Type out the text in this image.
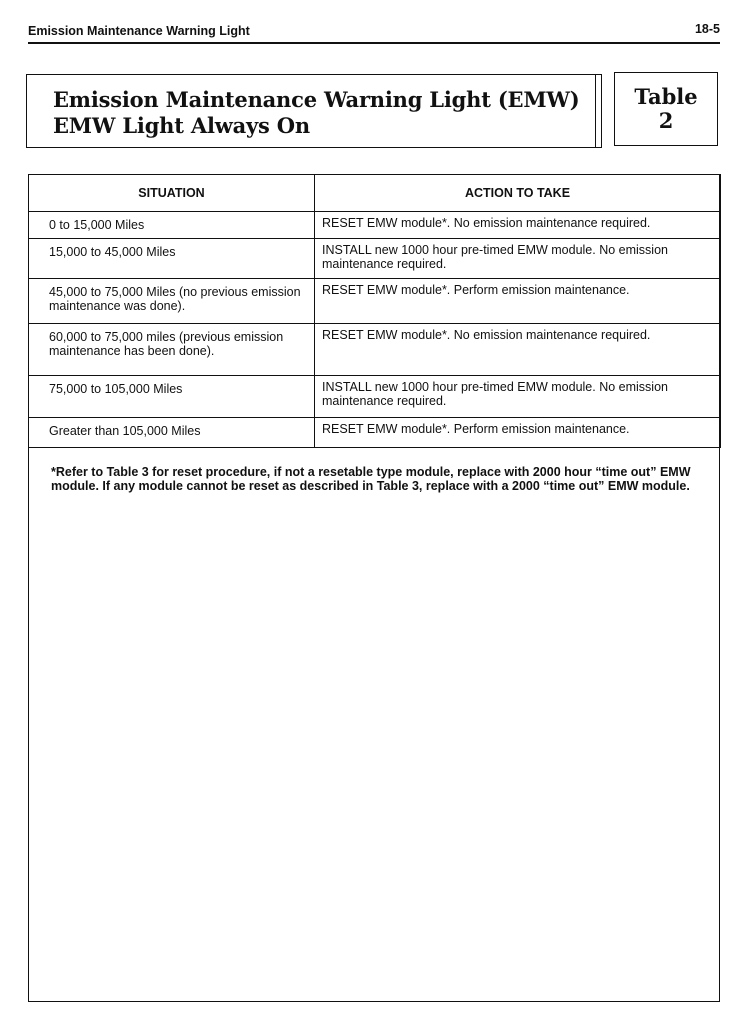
Emission Maintenance Warning Light	18-5
Emission Maintenance Warning Light (EMW)
EMW Light Always On
Table
2
SITUATION	ACTION TO TAKE
0 to 15,000 Miles	RESET EMW module*. No emission maintenance required.
15,000 to 45,000 Miles	INSTALL new 1000 hour pre-timed EMW module. No emission maintenance required.
45,000 to 75,000 Miles (no previous emission maintenance was done).	RESET EMW module*. Perform emission maintenance.
60,000 to 75,000 miles (previous emission maintenance has been done).	RESET EMW module*. No emission maintenance required.
75,000 to 105,000 Miles	INSTALL new 1000 hour pre-timed EMW module. No emission maintenance required.
Greater than 105,000 Miles	RESET EMW module*. Perform emission maintenance.
*Refer to Table 3 for reset procedure, if not a resetable type module, replace with 2000 hour “time out” EMW module. If any module cannot be reset as described in Table 3, replace with a 2000 “time out” EMW module.
